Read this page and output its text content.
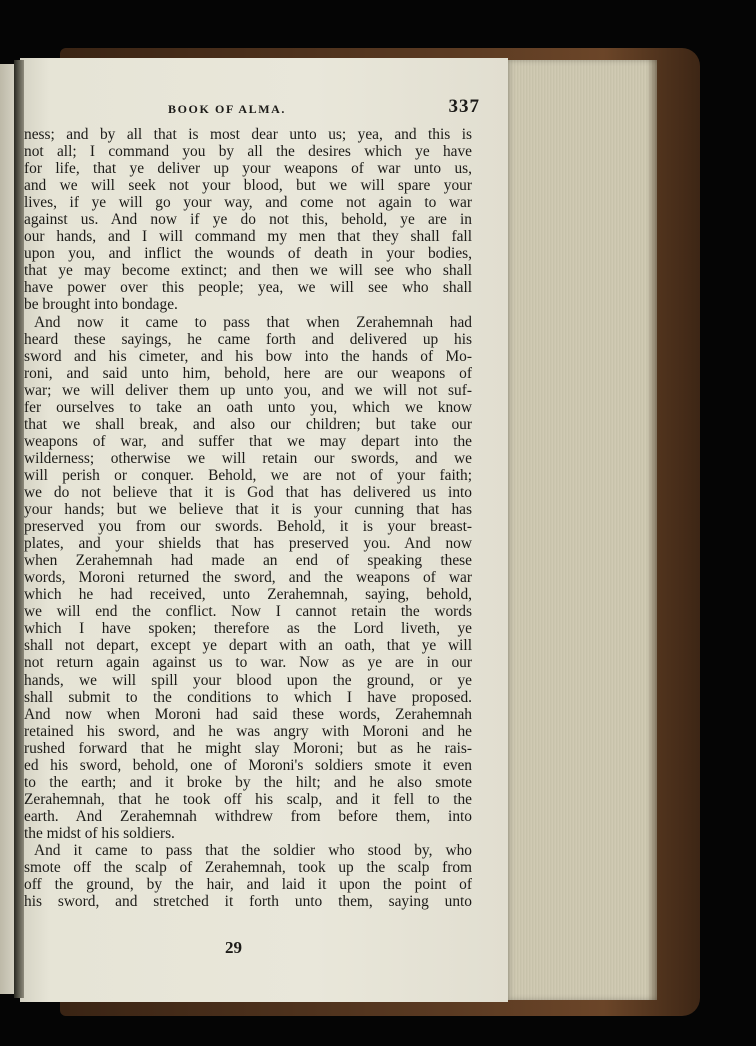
BOOK OF ALMA.	337
ness; and by all that is most dear unto us; yea, and this is
not all; I command you by all the desires which ye have
for life, that ye deliver up your weapons of war unto us,
and we will seek not your blood, but we will spare your
lives, if ye will go your way, and come not again to war
against us. And now if ye do not this, behold, ye are in
our hands, and I will command my men that they shall fall
upon you, and inflict the wounds of death in your bodies,
that ye may become extinct; and then we will see who shall
have power over this people; yea, we will see who shall
be brought into bondage.
And now it came to pass that when Zerahemnah had
heard these sayings, he came forth and delivered up his
sword and his cimeter, and his bow into the hands of Mo-
roni, and said unto him, behold, here are our weapons of
war; we will deliver them up unto you, and we will not suf-
fer ourselves to take an oath unto you, which we know
that we shall break, and also our children; but take our
weapons of war, and suffer that we may depart into the
wilderness; otherwise we will retain our swords, and we
will perish or conquer. Behold, we are not of your faith;
we do not believe that it is God that has delivered us into
your hands; but we believe that it is your cunning that has
preserved you from our swords. Behold, it is your breast-
plates, and your shields that has preserved you. And now
when Zerahemnah had made an end of speaking these
words, Moroni returned the sword, and the weapons of war
which he had received, unto Zerahemnah, saying, behold,
we will end the conflict. Now I cannot retain the words
which I have spoken; therefore as the Lord liveth, ye
shall not depart, except ye depart with an oath, that ye will
not return again against us to war. Now as ye are in our
hands, we will spill your blood upon the ground, or ye
shall submit to the conditions to which I have proposed.
And now when Moroni had said these words, Zerahemnah
retained his sword, and he was angry with Moroni and he
rushed forward that he might slay Moroni; but as he rais-
ed his sword, behold, one of Moroni's soldiers smote it even
to the earth; and it broke by the hilt; and he also smote
Zerahemnah, that he took off his scalp, and it fell to the
earth. And Zerahemnah withdrew from before them, into
the midst of his soldiers.
And it came to pass that the soldier who stood by, who
smote off the scalp of Zerahemnah, took up the scalp from
off the ground, by the hair, and laid it upon the point of
his sword, and stretched it forth unto them, saying unto
29
